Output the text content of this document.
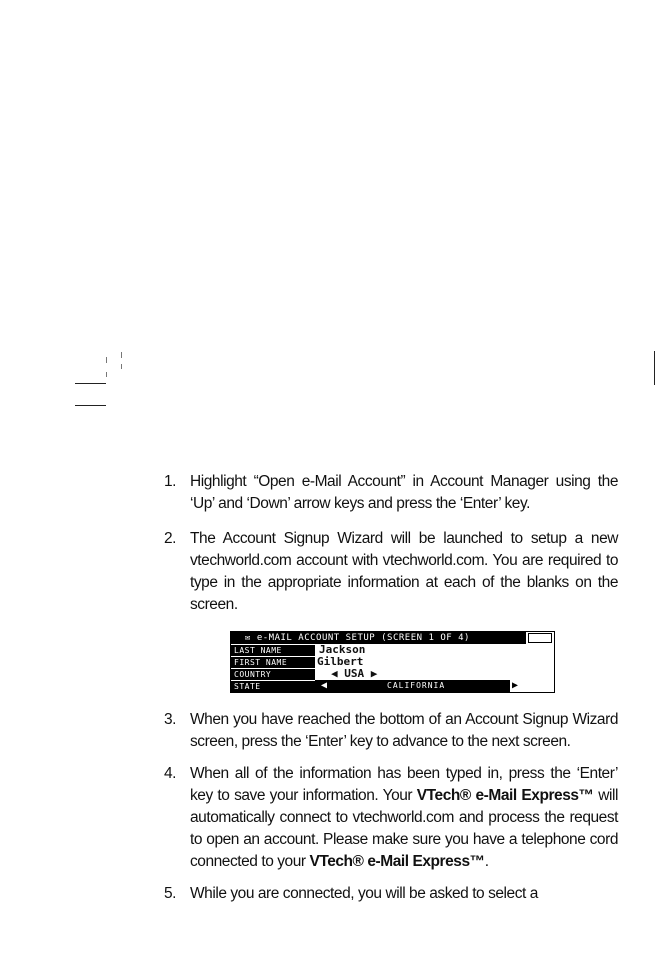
1. Highlight “Open e-Mail Account” in Account Manager using the ‘Up’ and ‘Down’ arrow keys and press the ‘Enter’ key.
2. The Account Signup Wizard will be launched to setup a new vtechworld.com account with vtechworld.com. You are required to type in the appropriate information at each of the blanks on the screen.
✉ e-MAIL ACCOUNT SETUP (SCREEN 1 OF 4)
LAST NAME	Jackson
FIRST NAME	Gilbert
COUNTRY	◀ USA ▶
STATE	◀	CALIFORNIA	▶
3. When you have reached the bottom of an Account Signup Wizard screen, press the ‘Enter’ key to advance to the next screen.
4. When all of the information has been typed in, press the ‘Enter’ key to save your information. Your VTech® e-Mail Express™ will automatically connect to vtechworld.com and process the request to open an account. Please make sure you have a telephone cord connected to your VTech® e-Mail Express™.
5. While you are connected, you will be asked to select a
